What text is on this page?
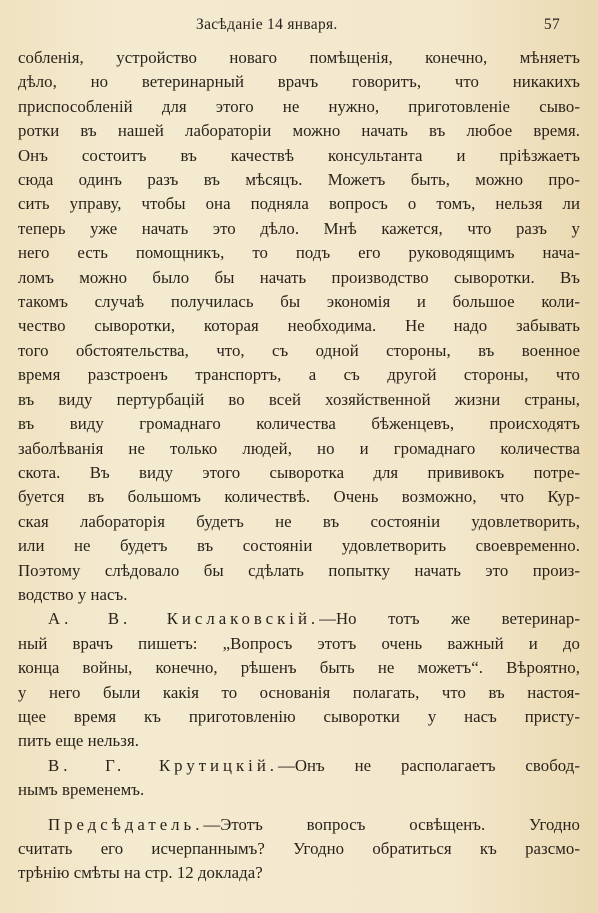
Засѣданіе 14 января.	57
собленія, устройство новаго помѣщенія, конечно, мѣняетъ
дѣло, но ветеринарный врачъ говоритъ, что никакихъ
приспособленій для этого не нужно, приготовленіе сыво-
ротки въ нашей лабораторіи можно начать въ любое время.
Онъ состоитъ въ качествѣ консультанта и пріѣзжаетъ
сюда одинъ разъ въ мѣсяцъ. Можетъ быть, можно про-
сить управу, чтобы она подняла вопросъ о томъ, нельзя ли
теперь уже начать это дѣло. Мнѣ кажется, что разъ у
него есть помощникъ, то подъ его руководящимъ нача-
ломъ можно было бы начать производство сыворотки. Въ
такомъ случаѣ получилась бы экономія и большое коли-
чество сыворотки, которая необходима. Не надо забывать
того обстоятельства, что, съ одной стороны, въ военное
время разстроенъ транспортъ, а съ другой стороны, что
въ виду пертурбацій во всей хозяйственной жизни страны,
въ виду громаднаго количества бѣженцевъ, происходятъ
заболѣванія не только людей, но и громаднаго количества
скота. Въ виду этого сыворотка для прививокъ потре-
буется въ большомъ количествѣ. Очень возможно, что Кур-
ская лабораторія будетъ не въ состояніи удовлетворить,
или не будетъ въ состояніи удовлетворить своевременно.
Поэтому слѣдовало бы сдѣлать попытку начать это произ-
водство у насъ.
А. В. Кислаковскій.—Но тотъ же ветеринар-
ный врачъ пишетъ: „Вопросъ этотъ очень важный и до
конца войны, конечно, рѣшенъ быть не можетъ“. Вѣроятно,
у него были какія то основанія полагать, что въ настоя-
щее время къ приготовленію сыворотки у насъ присту-
пить еще нельзя.
В. Г. Крутицкій.—Онъ не располагаетъ свобод-
нымъ временемъ.
Предсѣдатель.—Этотъ вопросъ освѣщенъ. Угодно
считать его исчерпаннымъ? Угодно обратиться къ разсмо-
трѣнію смѣты на стр. 12 доклада?
